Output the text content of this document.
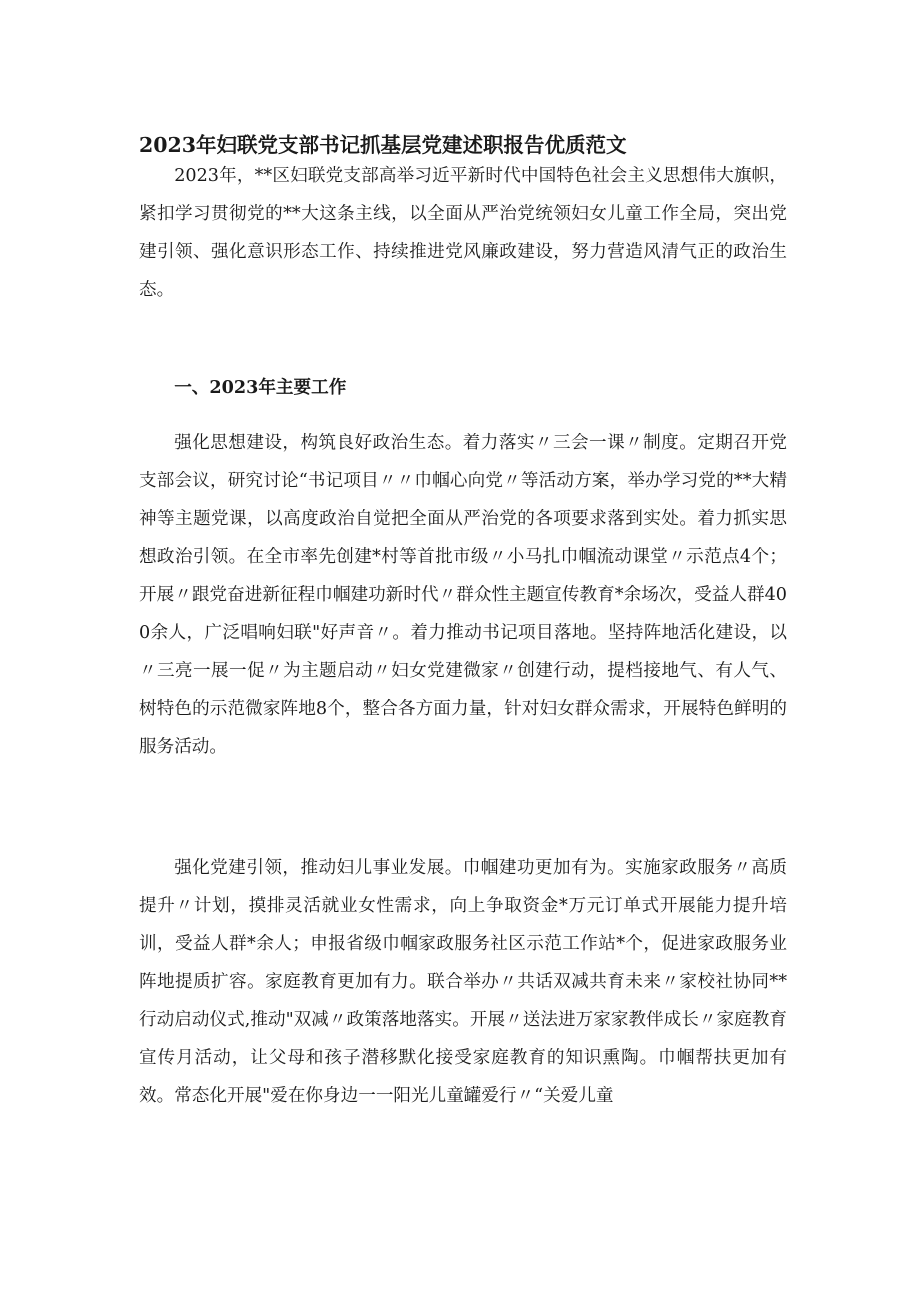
2023年妇联党支部书记抓基层党建述职报告优质范文
2023年，**区妇联党支部高举习近平新时代中国特色社会主义思想伟大旗帜，紧扣学习贯彻党的**大这条主线，以全面从严治党统领妇女儿童工作全局，突出党建引领、强化意识形态工作、持续推进党风廉政建设，努力营造风清气正的政治生态。
一、2023年主要工作
强化思想建设，构筑良好政治生态。着力落实〃三会一课〃制度。定期召开党支部会议，研究讨论“书记项目〃〃巾帼心向党〃等活动方案，举办学习党的**大精神等主题党课，以高度政治自觉把全面从严治党的各项要求落到实处。着力抓实思想政治引领。在全市率先创建*村等首批市级〃小马扎巾帼流动课堂〃示范点4个；开展〃跟党奋进新征程巾帼建功新时代〃群众性主题宣传教育*余场次，受益人群400余人，广泛唱响妇联"好声音〃。着力推动书记项目落地。坚持阵地活化建设，以〃三亮一展一促〃为主题启动〃妇女党建微家〃创建行动，提档接地气、有人气、树特色的示范微家阵地8个，整合各方面力量，针对妇女群众需求，开展特色鲜明的服务活动。
强化党建引领，推动妇儿事业发展。巾帼建功更加有为。实施家政服务〃高质提升〃计划，摸排灵活就业女性需求，向上争取资金*万元订单式开展能力提升培训，受益人群*余人；申报省级巾帼家政服务社区示范工作站*个，促进家政服务业阵地提质扩容。家庭教育更加有力。联合举办〃共话双减共育未来〃家校社协同**行动启动仪式,推动"双减〃政策落地落实。开展〃送法进万家家教伴成长〃家庭教育宣传月活动，让父母和孩子潜移默化接受家庭教育的知识熏陶。巾帼帮扶更加有效。常态化开展"爱在你身边一一阳光儿童罐爱行〃“关爱儿童
